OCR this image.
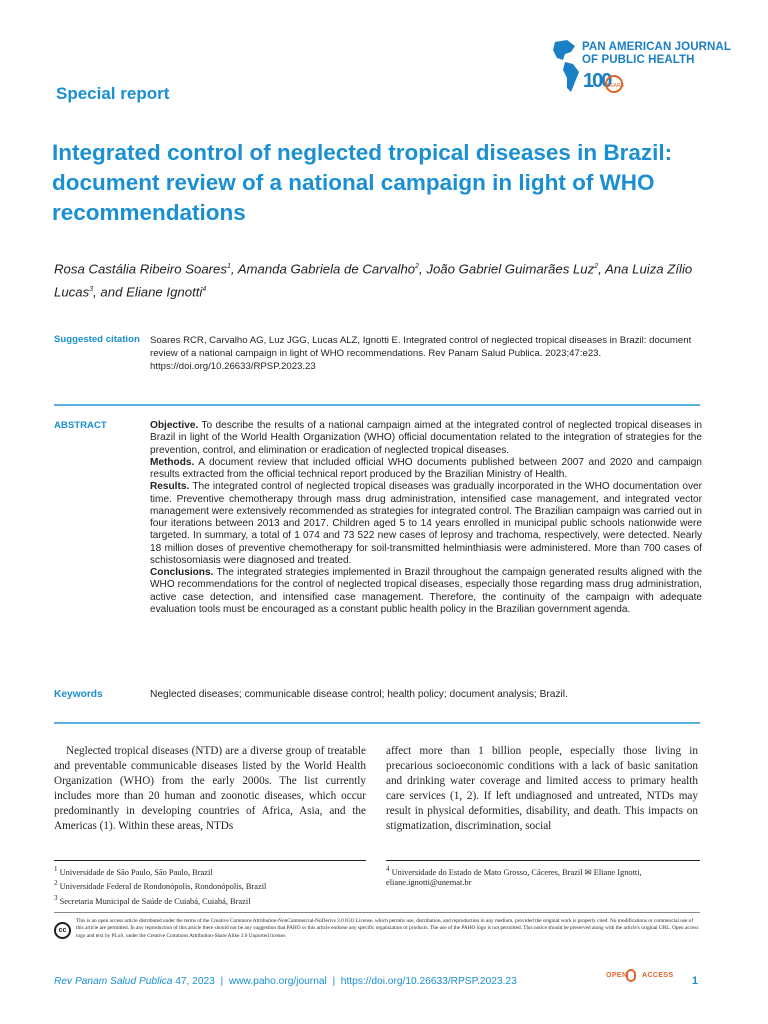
PAN AMERICAN JOURNAL
OF PUBLIC HEALTH
100
YEARS
Special report
Integrated control of neglected tropical diseases in Brazil: document review of a national campaign in light of WHO recommendations
Rosa Castália Ribeiro Soares$^1$, Amanda Gabriela de Carvalho$^2$, João Gabriel Guimarães Luz$^2$, Ana Luiza Zílio Lucas$^3$, and Eliane Ignotti$^4$
Suggested citation Soares RCR, Carvalho AG, Luz JGG, Lucas ALZ, Ignotti E. Integrated control of neglected tropical diseases in Brazil: document review of a national campaign in light of WHO recommendations. Rev Panam Salud Publica. 2023;47:e23. https://doi.org/10.26633/RPSP.2023.23
ABSTRACT	Objective. To describe the results of a national campaign aimed at the integrated control of neglected tropical diseases in Brazil in light of the World Health Organization (WHO) official documentation related to the integration of strategies for the prevention, control, and elimination or eradication of neglected tropical diseases.

Methods. A document review that included official WHO documents published between 2007 and 2020 and campaign results extracted from the official technical report produced by the Brazilian Ministry of Health.

Results. The integrated control of neglected tropical diseases was gradually incorporated in the WHO documentation over time. Preventive chemotherapy through mass drug administration, intensified case management, and integrated vector management were extensively recommended as strategies for integrated control. The Brazilian campaign was carried out in four iterations between 2013 and 2017. Children aged 5 to 14 years enrolled in municipal public schools nationwide were targeted. In summary, a total of 1 074 and 73 522 new cases of leprosy and trachoma, respectively, were detected. Nearly 18 million doses of preventive chemotherapy for soil-transmitted helminthiasis were administered. More than 700 cases of schistosomiasis were diagnosed and treated.

Conclusions. The integrated strategies implemented in Brazil throughout the campaign generated results aligned with the WHO recommendations for the control of neglected tropical diseases, especially those regarding mass drug administration, active case detection, and intensified case management. Therefore, the continuity of the campaign with adequate evaluation tools must be encouraged as a constant public health policy in the Brazilian government agenda.

Keywords	Neglected diseases; communicable disease control; health policy; document analysis; Brazil.

Neglected tropical diseases (NTD) are a diverse group of treatable and preventable communicable diseases listed by the World Health Organization (WHO) from the early 2000s. The list currently includes more than 20 human and zoonotic diseases, which occur predominantly in developing countries of Africa, Asia, and the Americas (1). Within these areas, NTDs

affect more than 1 billion people, especially those living in precarious socioeconomic conditions with a lack of basic sanitation and drinking water coverage and limited access to primary health care services (1, 2). If left undiagnosed and untreated, NTDs may result in physical deformities, disability, and death. This impacts on stigmatization, discrimination, social

$^1$ Universidade de São Paulo, São Paulo, Brazil
$^2$ Universidade Federal de Rondonópolis, Rondonópolis, Brazil
$^3$ Secretaria Municipal de Saúde de Cuiabá, Cuiabá, Brazil
$^4$ Universidade do Estado de Mato Grosso, Cáceres, Brazil ✉ Eliane Ignotti, eliane.ignotti@unemat.br
cc
This is an open access article distributed under the terms of the Creative Commons Attribution-NonCommercial-NoDerivs 3.0 IGO License, which permits use, distribution, and reproduction in any medium, provided the original work is properly cited. No modifications or commercial use of this article are permitted. In any reproduction of this article there should not be any suggestion that PAHO or this article endorse any specific organization or products. The use of the PAHO logo is not permitted. This notice should be preserved along with the article's original URL. Open access logo and text by PLoS, under the Creative Commons Attribution-Share Alike 3.0 Unported license.
Rev Panam Salud Publica 47, 2023  |  www.paho.org/journal  |  https://doi.org/10.26633/RPSP.2023.23
OPEN ACCESS 1
